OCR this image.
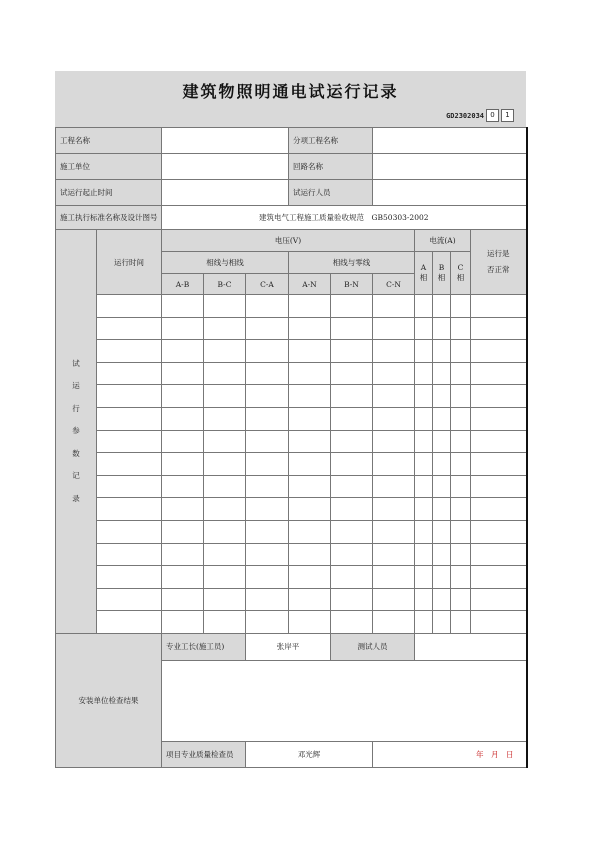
建筑物照明通电试运行记录
GD2302034 0	1
工程名称					分项工程名称						
施工单位					回路名称						
试运行起止时间					试运行人员						
施工执行标准名称及设计图号		建筑电气工程施工质量验收规范　GB50303-2002									
试运行参数记录	运行时间	电压(V)						电流(A)			运行是否正常
		相线与相线			相线与零线			A相	B相	C相	
		A-B	B-C	C-A	A-N	B-N	C-N				

安装单位检查结果		专业工长(施工员)		张岸平		测试人员					

		项目专业质量检查员		邓光辉			年　月　日				
